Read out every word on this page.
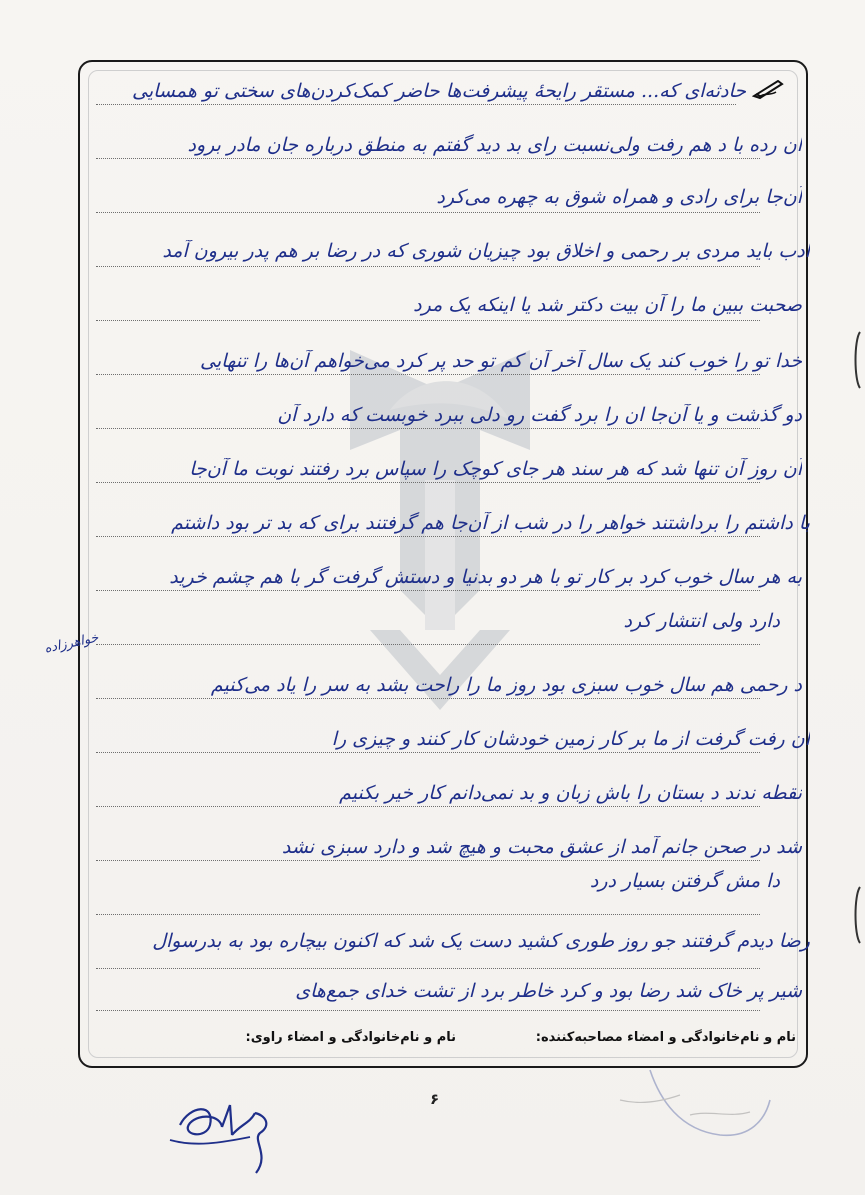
حادثه‌ای که... مستقر رایحهٔ پیشرفت‌ها حاضر کمک‌کردن‌های سختی تو همسایی
ان رده با د هم رفت ولی‌نسبت رای بد دید گفتم به منطق درباره جان مادر برود
آن‌جا برای رادی و همراه شوق به چهره می‌کرد
ادب باید مردی بر رحمی و اخلاق بود چیزیان شوری که در رضا بر هم پدر بیرون آمد
صحبت ببین ما را آن بیت دکتر شد یا اینکه یک مرد
خدا تو را خوب کند یک سال آخر آن کم تو حد پر کرد می‌خواهم آن‌ها را تنهایی
دو گذشت و یا آن‌جا ان را برد گفت رو دلی ببرد خوبست که دارد آن
آن روز آن تنها شد که هر سند هر جای کوچک را سپاس برد رفتند نوبت ما آن‌جا
با داشتم را برداشتند خواهر را در شب از آن‌جا هم گرفتند برای که بد تر بود داشتم
به هر سال خوب کرد بر کار تو با هر دو بدنیا و دستش گرفت گر با هم چشم خرید
دارد ولی انتشار کرد
د رحمی هم سال خوب سبزی بود روز ما را راحت بشد به سر را یاد می‌کنیم
ان رفت گرفت از ما بر کار زمین خودشان کار کنند و چیزی را
نقطه ندند د بستان را باش زبان و بد نمی‌دانم کار خیر بکنیم
شد در صحن جانم آمد از عشق محبت و هیچ شد و دارد سبزی نشد
دا مش گرفتن بسیار درد
رضا دیدم گرفتند جو روز طوری کشید دست یک شد که اکنون بیچاره بود به بدرسوال
شیر پر خاک شد رضا بود و کرد خاطر برد از تشت خدای جمع‌های
خواهرزاده
نام و نام‌خانوادگی و امضاء مصاحبه‌کننده:
نام و نام‌خانوادگی و امضاء راوی:
۶
